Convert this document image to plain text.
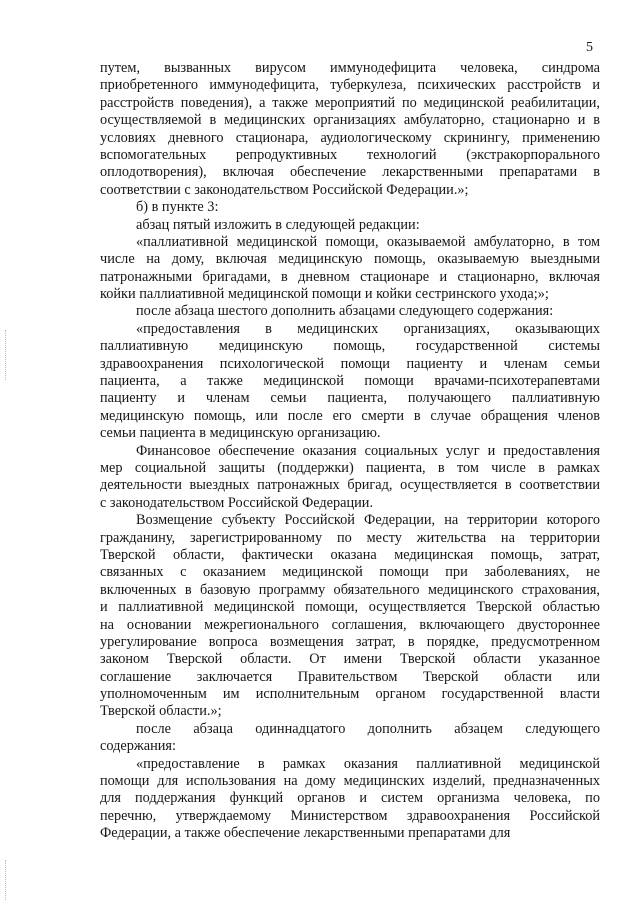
5
путем, вызванных вирусом иммунодефицита человека, синдрома
приобретенного иммунодефицита, туберкулеза, психических расстройств и
расстройств поведения), а также мероприятий по медицинской реабилитации,
осуществляемой в медицинских организациях амбулаторно, стационарно и в
условиях дневного стационара, аудиологическому скринингу, применению
вспомогательных репродуктивных технологий (экстракорпорального
оплодотворения), включая обеспечение лекарственными препаратами в
соответствии с законодательством Российской Федерации.»;
б) в пункте 3:
абзац пятый изложить в следующей редакции:
«паллиативной медицинской помощи, оказываемой амбулаторно, в том
числе на дому, включая медицинскую помощь, оказываемую выездными
патронажными бригадами, в дневном стационаре и стационарно, включая
койки паллиативной медицинской помощи и койки сестринского ухода;»;
после абзаца шестого дополнить абзацами следующего содержания:
«предоставления в медицинских организациях, оказывающих
паллиативную медицинскую помощь, государственной системы
здравоохранения психологической помощи пациенту и членам семьи
пациента, а также медицинской помощи врачами-психотерапевтами
пациенту и членам семьи пациента, получающего паллиативную
медицинскую помощь, или после его смерти в случае обращения членов
семьи пациента в медицинскую организацию.
Финансовое обеспечение оказания социальных услуг и предоставления
мер социальной защиты (поддержки) пациента, в том числе в рамках
деятельности выездных патронажных бригад, осуществляется в соответствии
с законодательством Российской Федерации.
Возмещение субъекту Российской Федерации, на территории которого
гражданину, зарегистрированному по месту жительства на территории
Тверской области, фактически оказана медицинская помощь, затрат,
связанных с оказанием медицинской помощи при заболеваниях, не
включенных в базовую программу обязательного медицинского страхования,
и паллиативной медицинской помощи, осуществляется Тверской областью
на основании межрегионального соглашения, включающего двустороннее
урегулирование вопроса возмещения затрат, в порядке, предусмотренном
законом Тверской области. От имени Тверской области указанное
соглашение заключается Правительством Тверской области или
уполномоченным им исполнительным органом государственной власти
Тверской области.»;
после абзаца одиннадцатого дополнить абзацем следующего
содержания:
«предоставление в рамках оказания паллиативной медицинской
помощи для использования на дому медицинских изделий, предназначенных
для поддержания функций органов и систем организма человека, по
перечню, утверждаемому Министерством здравоохранения Российской
Федерации, а также обеспечение лекарственными препаратами для
